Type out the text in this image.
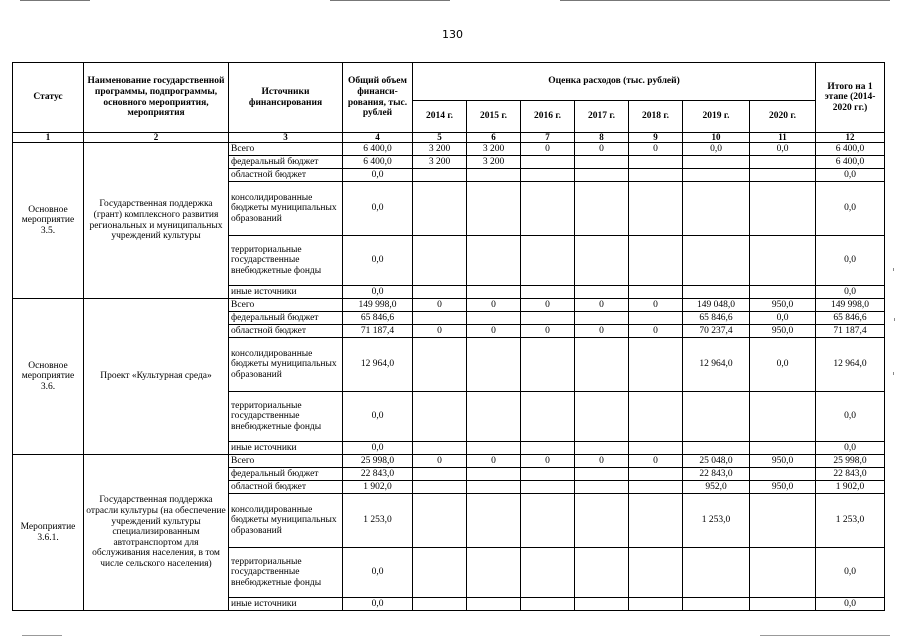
130
Статус	Наименование государственной программы, подпрограммы, основного мероприятия, мероприятия	Источники финансирования	Общий объем финанси-рования, тыс. рублей	Оценка расходов (тыс. рублей)							Итого на 1 этапе (2014-2020 гг.)
				2014 г.	2015 г.	2016 г.	2017 г.	2018 г.	2019 г.	2020 г.	
1	2	3	4	5	6	7	8	9	10	11	12
Основное мероприятие 3.5.	Государственная поддержка (грант) комплексного развития региональных и муниципальных учреждений культуры	Всего	6 400,0	3 200	3 200	0	0	0	0,0	0,0	6 400,0
		федеральный бюджет	6 400,0	3 200	3 200						6 400,0
		областной бюджет	0,0								0,0
		консолидированные бюджеты муниципальных образований	0,0								0,0
		территориальные государственные внебюджетные фонды	0,0								0,0
		иные источники	0,0								0,0
Основное мероприятие 3.6.	Проект «Культурная среда»	Всего	149 998,0	0	0	0	0	0	149 048,0	950,0	149 998,0
		федеральный бюджет	65 846,6						65 846,6	0,0	65 846,6
		областной бюджет	71 187,4	0	0	0	0	0	70 237,4	950,0	71 187,4
		консолидированные бюджеты муниципальных образований	12 964,0						12 964,0	0,0	12 964,0
		территориальные государственные внебюджетные фонды	0,0								0,0
		иные источники	0,0								0,0
Мероприятие 3.6.1.	Государственная поддержка отрасли культуры (на обеспечение учреждений культуры специализированным автотранспортом для обслуживания населения, в том числе сельского населения)	Всего	25 998,0	0	0	0	0	0	25 048,0	950,0	25 998,0
		федеральный бюджет	22 843,0						22 843,0		22 843,0
		областной бюджет	1 902,0						952,0	950,0	1 902,0
		консолидированные бюджеты муниципальных образований	1 253,0						1 253,0		1 253,0
		территориальные государственные внебюджетные фонды	0,0								0,0
		иные источники	0,0								0,0
